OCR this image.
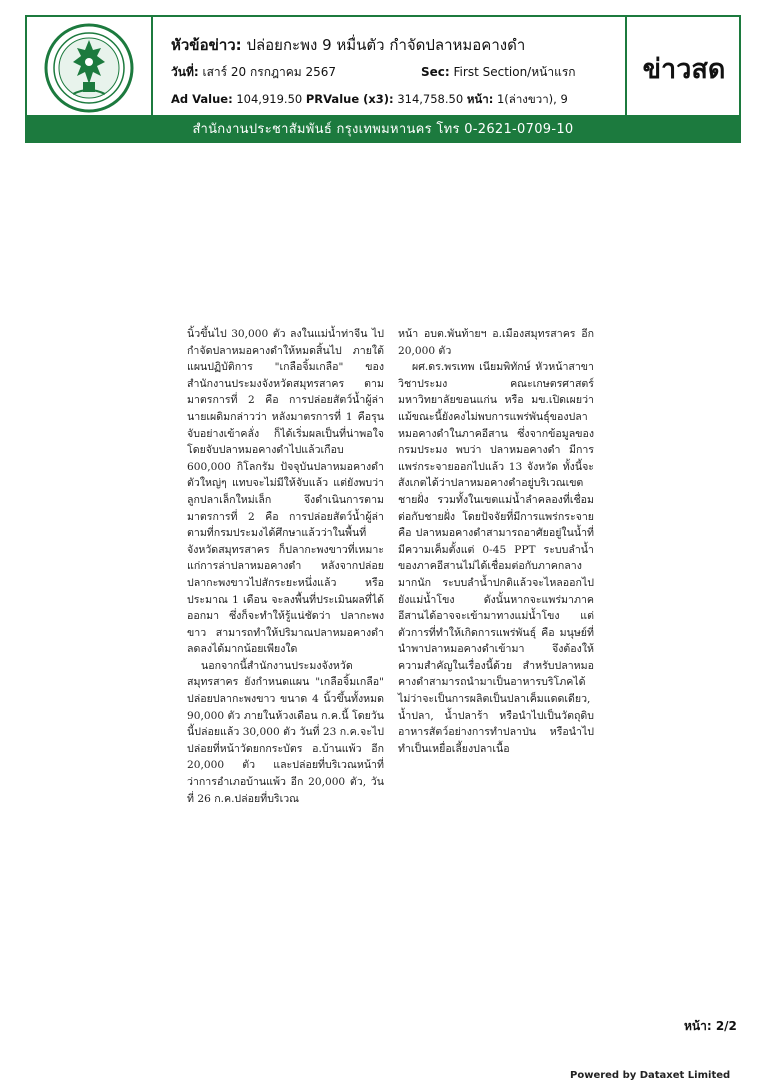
หัวข้อข่าว: ปล่อยกะพง 9 หมื่นตัว กำจัดปลาหมอคางดำ
วันที่: เสาร์ 20 กรกฎาคม 2567	Sec: First Section/หน้าแรก
Ad Value: 104,919.50 PRValue (x3): 314,758.50 หน้า: 1(ล่างขวา), 9
ข่าวสด
สำนักงานประชาสัมพันธ์ กรุงเทพมหานคร โทร 0-2621-0709-10

นิ้วขึ้นไป 30,000 ตัว ลงในแม่น้ำท่าจีน ไปกำจัดปลาหมอคางดำให้หมดสิ้นไป ภายใต้แผนปฏิบัติการ "เกลือจิ้มเกลือ" ของสำนักงานประมงจังหวัดสมุทรสาคร ตามมาตรการที่ 2 คือ การปล่อยสัตว์น้ำผู้ล่า นายเผดิมกล่าวว่า หลังมาตรการที่ 1 คือรุนจับอย่างเข้าคลั่ง ก็ได้เริ่มผลเป็นที่น่าพอใจ โดยจับปลาหมอคางดำไปแล้วเกือบ 600,000 กิโลกรัม ปัจจุบันปลาหมอคางดำตัวใหญ่ๆ แทบจะไม่มีให้จับแล้ว แต่ยังพบว่าลูกปลาเล็กใหม่เล็ก จึงดำเนินการตามมาตรการที่ 2 คือ การปล่อยสัตว์น้ำผู้ล่า ตามที่กรมประมงได้ศึกษาแล้วว่าในพื้นที่จังหวัดสมุทรสาคร ก็ปลากะพงขาวที่เหมาะแก่การล่าปลาหมอคางดำ หลังจากปล่อยปลากะพงขาวไปสักระยะหนึ่งแล้ว หรือประมาณ 1 เดือน จะลงพื้นที่ประเมินผลที่ได้ออกมา ซึ่งก็จะทำให้รู้แน่ชัดว่า ปลากะพงขาว สามารถทำให้ปริมาณปลาหมอคางดำลดลงได้มากน้อยเพียงใด

นอกจากนี้สำนักงานประมงจังหวัดสมุทรสาคร ยังกำหนดแผน "เกลือจิ้มเกลือ" ปล่อยปลากะพงขาว ขนาด 4 นิ้วขึ้นทั้งหมด 90,000 ตัว ภายในห้วงเดือน ก.ค.นี้ โดยวันนี้ปล่อยแล้ว 30,000 ตัว วันที่ 23 ก.ค.จะไปปล่อยที่หน้าวัดยกกระบัตร อ.บ้านแพ้ว อีก 20,000 ตัว และปล่อยที่บริเวณหน้าที่ว่าการอำเภอบ้านแพ้ว อีก 20,000 ตัว, วันที่ 26 ก.ค.ปล่อยที่บริเวณ

หน้า อบต.พันท้ายฯ อ.เมืองสมุทรสาคร อีก 20,000 ตัว

ผศ.ดร.พรเทพ เนียมพิทักษ์ หัวหน้าสาขาวิชาประมง คณะเกษตรศาสตร์ มหาวิทยาลัยขอนแก่น หรือ มข.เปิดเผยว่า แม้ขณะนี้ยังคงไม่พบการแพร่พันธุ์ของปลาหมอคางดำในภาคอีสาน ซึ่งจากข้อมูลของกรมประมง พบว่า ปลาหมอคางดำ มีการแพร่กระจายออกไปแล้ว 13 จังหวัด ทั้งนี้จะสังเกตได้ว่าปลาหมอคางดำอยู่บริเวณเขตชายฝั่ง รวมทั้งในเขตแม่น้ำลำคลองที่เชื่อมต่อกับชายฝั่ง โดยปัจจัยที่มีการแพร่กระจาย คือ ปลาหมอคางดำสามารถอาศัยอยู่ในน้ำที่มีความเค็มตั้งแต่ 0-45 PPT ระบบลำน้ำของภาคอีสานไม่ได้เชื่อมต่อกับภาคกลางมากนัก ระบบลำน้ำปกติแล้วจะไหลออกไปยังแม่น้ำโขง ดังนั้นหากจะแพร่มาภาคอีสานได้อาจจะเข้ามาทางแม่น้ำโขง แต่ตัวการที่ทำให้เกิดการแพร่พันธุ์ คือ มนุษย์ที่นำพาปลาหมอคางดำเข้ามา จึงต้องให้ความสำคัญในเรื่องนี้ด้วย สำหรับปลาหมอคางดำสามารถนำมาเป็นอาหารบริโภคได้ ไม่ว่าจะเป็นการผลิตเป็นปลาเค็มแดดเดียว, น้ำปลา, น้ำปลาร้า หรือนำไปเป็นวัตถุดิบอาหารสัตว์อย่างการทำปลาป่น หรือนำไปทำเป็นเหยื่อเลี้ยงปลาเนื้อ

หน้า: 2/2
Powered by Dataxet Limited
